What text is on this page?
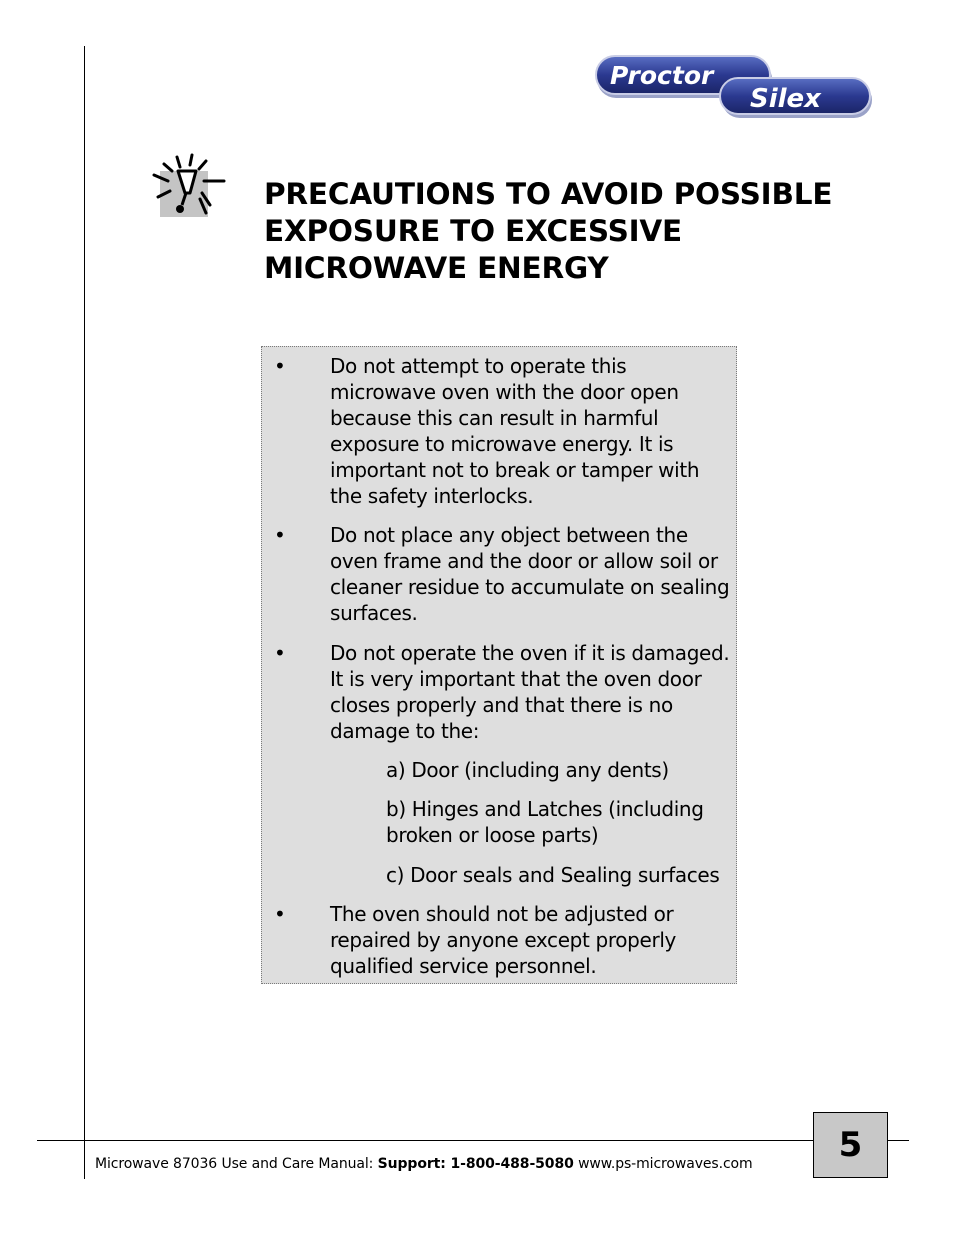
Proctor
Silex
PRECAUTIONS TO AVOID POSSIBLE
EXPOSURE TO EXCESSIVE
MICROWAVE ENERGY
• Do not attempt to operate this
microwave oven with the door open
because this can result in harmful
exposure to microwave energy. It is
important not to break or tamper with
the safety interlocks.
• Do not place any object between the
oven frame and the door or allow soil or
cleaner residue to accumulate on sealing
surfaces.
• Do not operate the oven if it is damaged.
It is very important that the oven door
closes properly and that there is no
damage to the:
a) Door (including any dents)
b) Hinges and Latches (including
broken or loose parts)
c) Door seals and Sealing surfaces
• The oven should not be adjusted or
repaired by anyone except properly
qualified service personnel.
5
Microwave 87036 Use and Care Manual: Support: 1-800-488-5080 www.ps-microwaves.com
